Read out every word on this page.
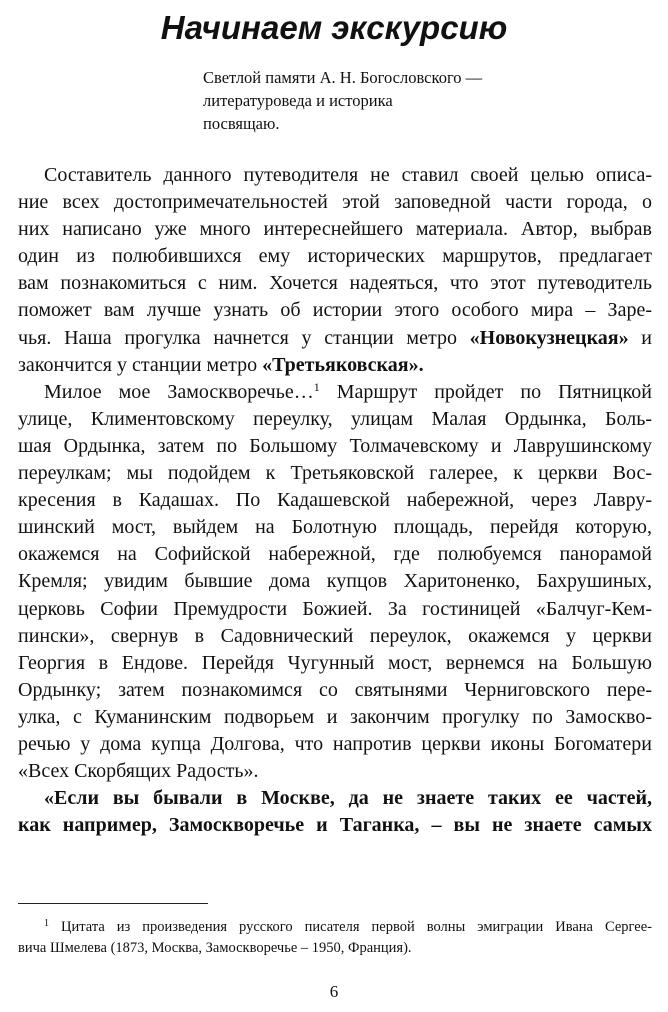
Начинаем экскурсию
Светлой памяти А. Н. Богословского —
литературоведа и историка
посвящаю.

Составитель данного путеводителя не ставил своей целью описа-
ние всех достопримечательностей этой заповедной части города, о
них написано уже много интереснейшего материала. Автор, выбрав
один из полюбившихся ему исторических маршрутов, предлагает
вам познакомиться с ним. Хочется надеяться, что этот путеводитель
поможет вам лучше узнать об истории этого особого мира – Заре-
чья. Наша прогулка начнется у станции метро «Новокузнецкая» и
закончится у станции метро «Третьяковская».

Милое мое Замоскворечье…$^1$ Маршрут пройдет по Пятницкой
улице, Климентовскому переулку, улицам Малая Ордынка, Боль-
шая Ордынка, затем по Большому Толмачевскому и Лаврушинскому
переулкам; мы подойдем к Третьяковской галерее, к церкви Вос-
кресения в Кадашах. По Кадашевской набережной, через Лавру-
шинский мост, выйдем на Болотную площадь, перейдя которую,
окажемся на Софийской набережной, где полюбуемся панорамой
Кремля; увидим бывшие дома купцов Харитоненко, Бахрушиных,
церковь Софии Премудрости Божией. За гостиницей «Балчуг-Кем-
пински», свернув в Садовнический переулок, окажемся у церкви
Георгия в Ендове. Перейдя Чугунный мост, вернемся на Большую
Ордынку; затем познакомимся со святынями Черниговского пере-
улка, с Куманинским подворьем и закончим прогулку по Замоскво-
речью у дома купца Долгова, что напротив церкви иконы Богоматери
«Всех Скорбящих Радость».

«Если вы бывали в Москве, да не знаете таких ее частей,
как например, Замоскворечье и Таганка, – вы не знаете самых

$^1$ Цитата из произведения русского писателя первой волны эмиграции Ивана Сергее-
вича Шмелева (1873, Москва, Замоскворечье – 1950, Франция).
6
